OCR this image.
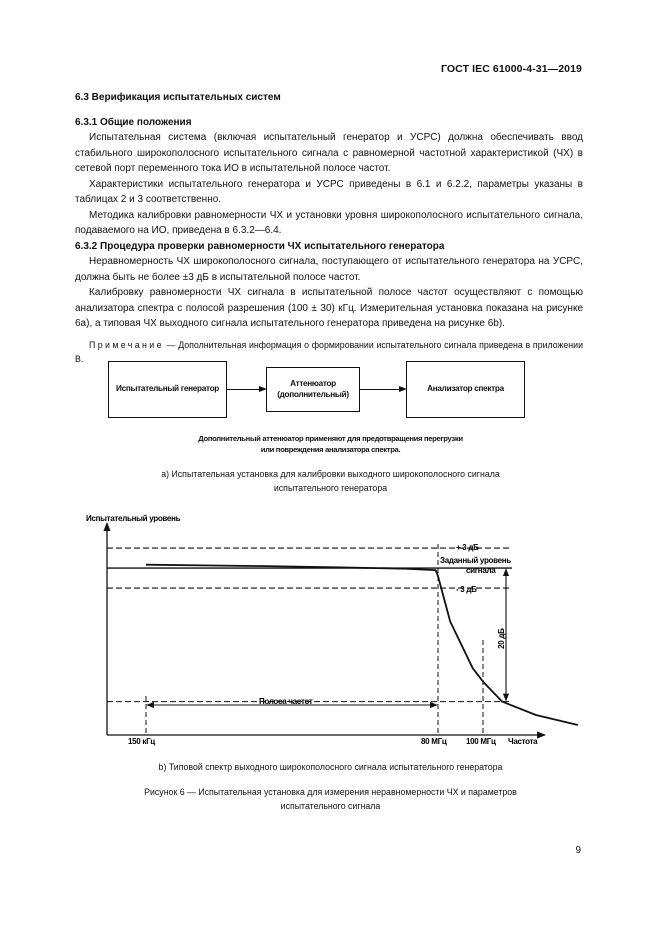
ГОСТ IEC 61000-4-31—2019
6.3 Верификация испытательных систем
6.3.1 Общие положения
Испытательная система (включая испытательный генератор и УСРС) должна обеспечивать ввод стабильного широкополосного испытательного сигнала с равномерной частотной характеристикой (ЧХ) в сетевой порт переменного тока ИО в испытательной полосе частот.
Характеристики испытательного генератора и УСРС приведены в 6.1 и 6.2.2, параметры указаны в таблицах 2 и 3 соответственно.
Методика калибровки равномерности ЧХ и установки уровня широкополосного испытательного сигнала, подаваемого на ИО, приведена в 6.3.2—6.4.
6.3.2 Процедура проверки равномерности ЧХ испытательного генератора
Неравномерность ЧХ широкополосного сигнала, поступающего от испытательного генератора на УСРС, должна быть не более ±3 дБ в испытательной полосе частот.
Калибровку равномерности ЧХ сигнала в испытательной полосе частот осуществляют с помощью анализатора спектра с полосой разрешения (100 ± 30) кГц. Измерительная установка показана на рисунке 6а), а типовая ЧХ выходного сигнала испытательного генератора приведена на рисунке 6b).
Примечание — Дополнительная информация о формировании испытательного сигнала приведена в приложении В.
Испытательный генератор
Аттенюатор (дополнительный)
Анализатор спектра
Дополнительный аттенюатор применяют для предотвращения перегрузки
или повреждения анализатора спектра.
а) Испытательная установка для калибровки выходного широкополосного сигнала
испытательного генератора
Испытательный уровень
Частота
+ 3 дБ
Заданный уровень
сигнала
- 3 дБ
150 кГц	80 МГц 100 МГц
Полоса частот
20 дБ
b) Типовой спектр выходного широкополосного сигнала испытательного генератора
Рисунок 6 — Испытательная установка для измерения неравномерности ЧХ и параметров
испытательного сигнала
9
